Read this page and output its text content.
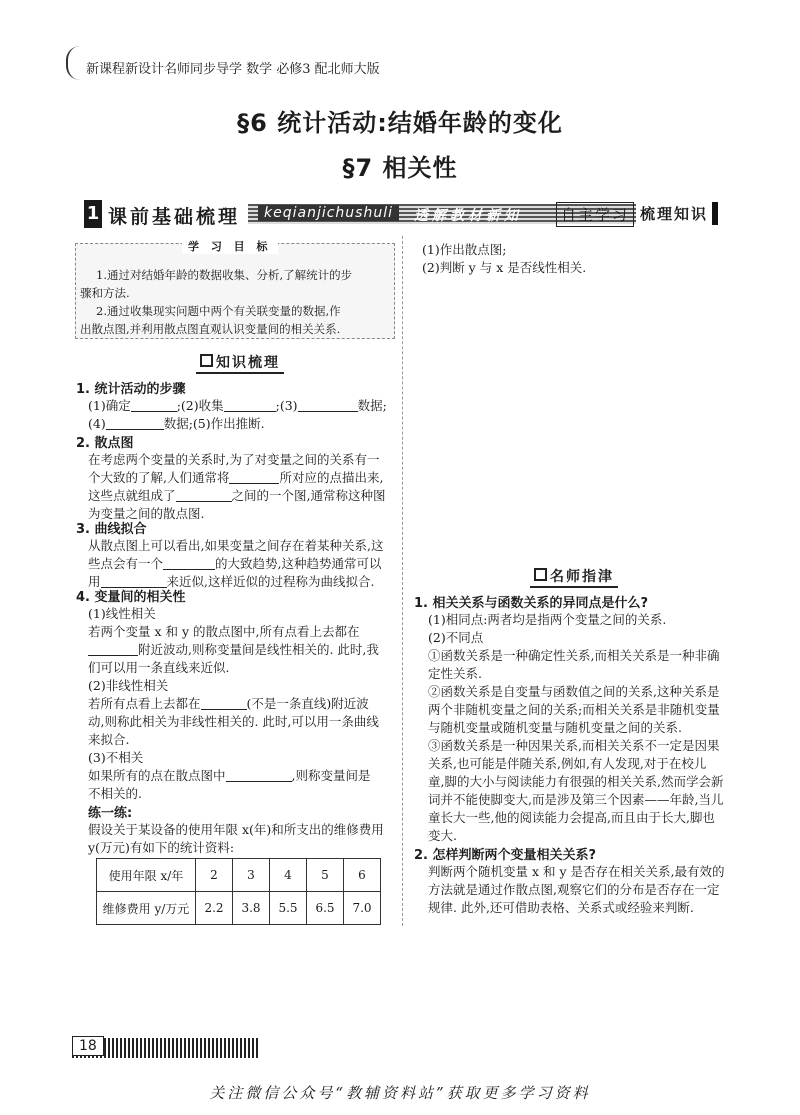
新课程新设计名师同步导学 数学 必修3 配北师大版
§6 统计活动:结婚年龄的变化
§7 相关性
1 课前基础梳理	keqianjichushuli	透解教材新知	自主学习 梳理知识
学 习 目 标
1.通过对结婚年龄的数据收集、分析,了解统计的步
骤和方法.
2.通过收集现实问题中两个有关联变量的数据,作
出散点图,并利用散点图直观认识变量间的相关关系.
知识梳理
1. 统计活动的步骤
(1)确定	;(2)收集	;(3)	数据;
(4)	数据;(5)作出推断.
2. 散点图
在考虑两个变量的关系时,为了对变量之间的关系有一
个大致的了解,人们通常将	所对应的点描出来,
这些点就组成了	之间的一个图,通常称这种图
为变量之间的散点图.
3. 曲线拟合
从散点图上可以看出,如果变量之间存在着某种关系,这
些点会有一个	的大致趋势,这种趋势通常可以
用	来近似,这样近似的过程称为曲线拟合.
4. 变量间的相关性
(1)线性相关
若两个变量 x 和 y 的散点图中,所有点看上去都在
附近波动,则称变量间是线性相关的. 此时,我
们可以用一条直线来近似.
(2)非线性相关
若所有点看上去都在	(不是一条直线)附近波
动,则称此相关为非线性相关的. 此时,可以用一条曲线
来拟合.
(3)不相关
如果所有的点在散点图中	,则称变量间是
不相关的.
练一练:
假设关于某设备的使用年限 x(年)和所支出的维修费用
y(万元)有如下的统计资料:
使用年限 x/年	2	3	4	5	6
维修费用 y/万元	2.2	3.8	5.5	6.5	7.0
(1)作出散点图;
(2)判断 y 与 x 是否线性相关.
名师指津
1. 相关关系与函数关系的异同点是什么?
(1)相同点:两者均是指两个变量之间的关系.
(2)不同点
①函数关系是一种确定性关系,而相关关系是一种非确
定性关系.
②函数关系是自变量与函数值之间的关系,这种关系是
两个非随机变量之间的关系;而相关关系是非随机变量
与随机变量或随机变量与随机变量之间的关系.
③函数关系是一种因果关系,而相关关系不一定是因果
关系,也可能是伴随关系,例如,有人发现,对于在校儿
童,脚的大小与阅读能力有很强的相关关系,然而学会新
词并不能使脚变大,而是涉及第三个因素——年龄,当儿
童长大一些,他的阅读能力会提高,而且由于长大,脚也
变大.
2. 怎样判断两个变量相关关系?
判断两个随机变量 x 和 y 是否存在相关关系,最有效的
方法就是通过作散点图,观察它们的分布是否存在一定
规律. 此外,还可借助表格、关系式或经验来判断.
18
关注微信公众号“教辅资料站”获取更多学习资料
